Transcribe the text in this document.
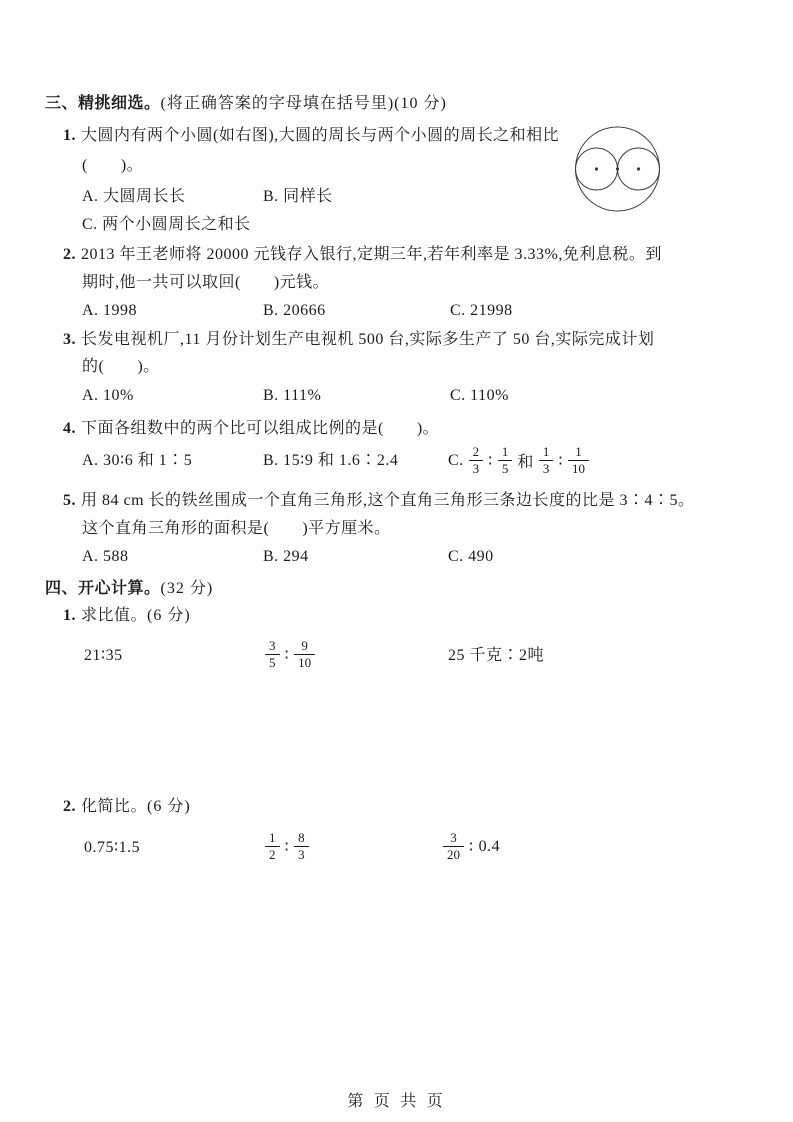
三、精挑细选。(将正确答案的字母填在括号里)(10 分)
1. 大圆内有两个小圆(如右图),大圆的周长与两个小圆的周长之和相比
(　　)。
A. 大圆周长长	B. 同样长
C. 两个小圆周长之和长
2. 2013 年王老师将 20000 元钱存入银行,定期三年,若年利率是 3.33%,免利息税。到
期时,他一共可以取回(　　)元钱。
A. 1998	B. 20666	C. 21998
3. 长发电视机厂,11 月份计划生产电视机 500 台,实际多生产了 50 台,实际完成计划
的(　　)。
A. 10%	B. 111%	C. 110%
4. 下面各组数中的两个比可以组成比例的是(　　)。
A. 30∶6 和 1∶5	B. 15∶9 和 1.6∶2.4	C. $\frac{2}{3}$ ∶ $\frac{1}{5}$ 和 $\frac{1}{3}$ ∶ $\frac{1}{10}$
5. 用 84 cm 长的铁丝围成一个直角三角形,这个直角三角形三条边长度的比是 3∶4∶5。
这个直角三角形的面积是(　　)平方厘米。
A. 588	B. 294	C. 490
四、开心计算。(32 分)
1. 求比值。(6 分)
21∶35	$\frac{3}{5}$ ∶ $\frac{9}{10}$	25 千克∶2吨
2. 化简比。(6 分)
0.75∶1.5	$\frac{1}{2}$ ∶ $\frac{8}{3}$	$\frac{3}{20}$ ∶ 0.4
第 页 共 页
